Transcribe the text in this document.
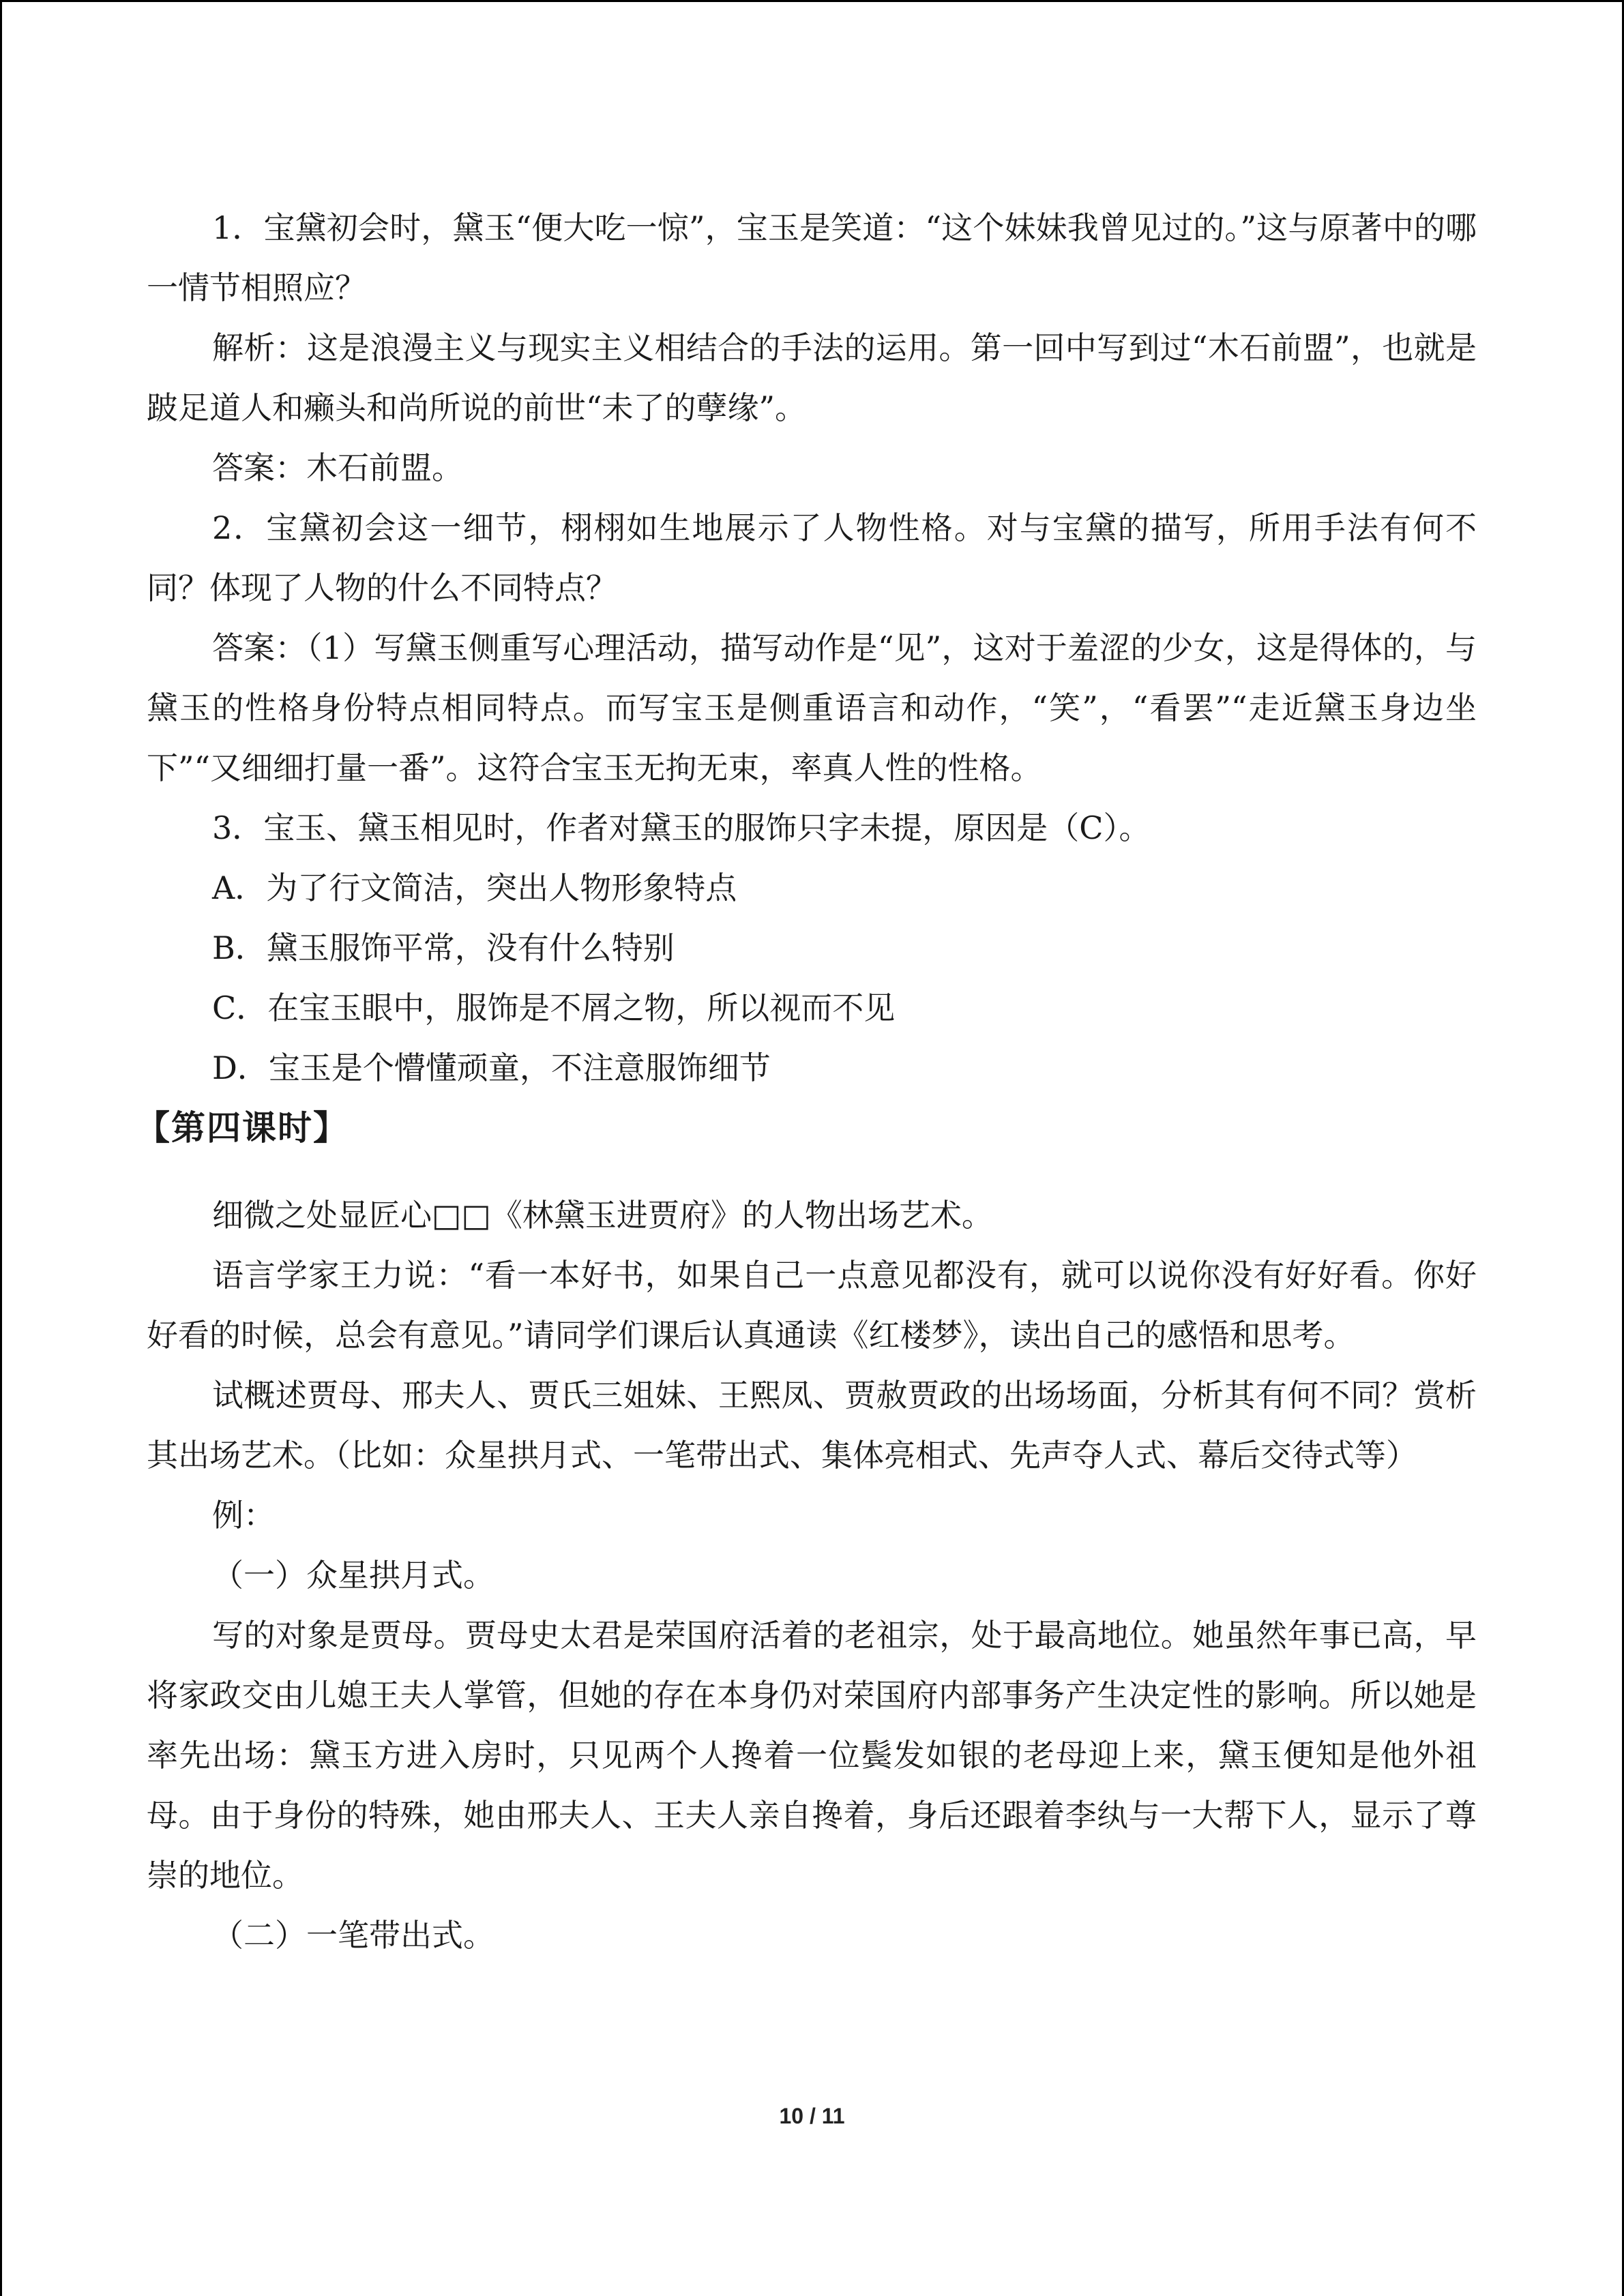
1．宝黛初会时，黛玉“便大吃一惊”，宝玉是笑道：“这个妹妹我曾见过的。”这与原著中的哪一情节相照应？

解析：这是浪漫主义与现实主义相结合的手法的运用。第一回中写到过“木石前盟”，也就是跛足道人和癞头和尚所说的前世“未了的孽缘”。

答案：木石前盟。

2．宝黛初会这一细节，栩栩如生地展示了人物性格。对与宝黛的描写，所用手法有何不同？体现了人物的什么不同特点？

答案：（1）写黛玉侧重写心理活动，描写动作是“见”，这对于羞涩的少女，这是得体的，与黛玉的性格身份特点相同特点。而写宝玉是侧重语言和动作，“笑”，“看罢”“走近黛玉身边坐下”“又细细打量一番”。这符合宝玉无拘无束，率真人性的性格。

3．宝玉、黛玉相见时，作者对黛玉的服饰只字未提，原因是（C）。

A．为了行文简洁，突出人物形象特点

B．黛玉服饰平常，没有什么特别

C．在宝玉眼中，服饰是不屑之物，所以视而不见

D．宝玉是个懵懂顽童，不注意服饰细节

【第四课时】

细微之处显匠心□□《林黛玉进贾府》的人物出场艺术。

语言学家王力说：“看一本好书，如果自己一点意见都没有，就可以说你没有好好看。你好好看的时候，总会有意见。”请同学们课后认真通读《红楼梦》，读出自己的感悟和思考。

试概述贾母、邢夫人、贾氏三姐妹、王熙凤、贾赦贾政的出场场面，分析其有何不同？赏析其出场艺术。（比如：众星拱月式、一笔带出式、集体亮相式、先声夺人式、幕后交待式等）

例：

（一）众星拱月式。

写的对象是贾母。贾母史太君是荣国府活着的老祖宗，处于最高地位。她虽然年事已高，早将家政交由儿媳王夫人掌管，但她的存在本身仍对荣国府内部事务产生决定性的影响。所以她是率先出场：黛玉方进入房时，只见两个人搀着一位鬓发如银的老母迎上来，黛玉便知是他外祖母。由于身份的特殊，她由邢夫人、王夫人亲自搀着，身后还跟着李纨与一大帮下人，显示了尊崇的地位。

（二）一笔带出式。

10 / 11
